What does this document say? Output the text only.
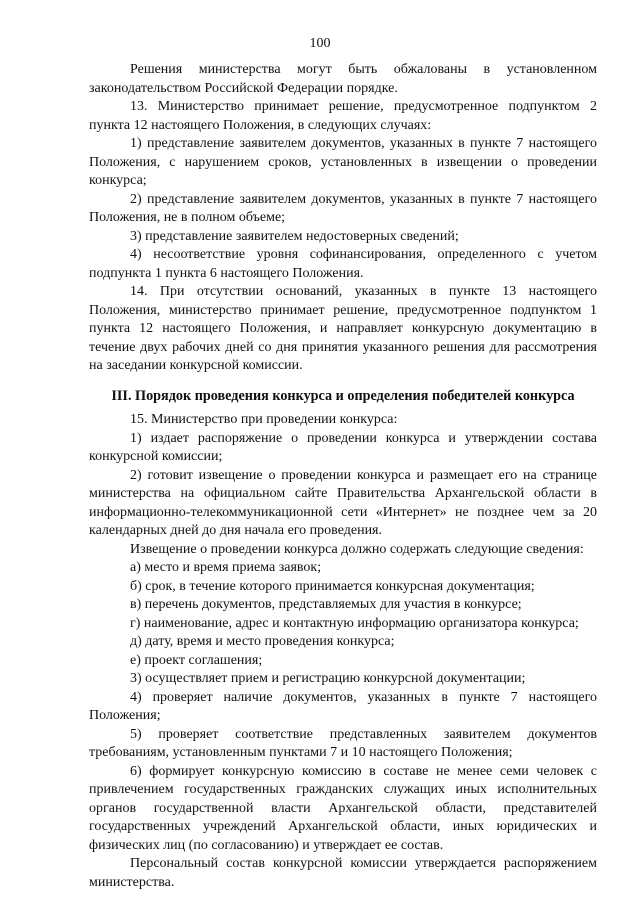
100

Решения министерства могут быть обжалованы в установленном законодательством Российской Федерации порядке.

13. Министерство принимает решение, предусмотренное подпунктом 2 пункта 12 настоящего Положения, в следующих случаях:

1) представление заявителем документов, указанных в пункте 7 настоящего Положения, с нарушением сроков, установленных в извещении о проведении конкурса;

2) представление заявителем документов, указанных в пункте 7 настоящего Положения, не в полном объеме;

3) представление заявителем недостоверных сведений;

4) несоответствие уровня софинансирования, определенного с учетом подпункта 1 пункта 6 настоящего Положения.

14. При отсутствии оснований, указанных в пункте 13 настоящего Положения, министерство принимает решение, предусмотренное подпунктом 1 пункта 12 настоящего Положения, и направляет конкурсную документацию в течение двух рабочих дней со дня принятия указанного решения для рассмотрения на заседании конкурсной комиссии.

III. Порядок проведения конкурса и определения победителей конкурса

15. Министерство при проведении конкурса:

1) издает распоряжение о проведении конкурса и утверждении состава конкурсной комиссии;

2) готовит извещение о проведении конкурса и размещает его на странице министерства на официальном сайте Правительства Архангельской области в информационно-телекоммуникационной сети «Интернет» не позднее чем за 20 календарных дней до дня начала его проведения.

Извещение о проведении конкурса должно содержать следующие сведения:

а) место и время приема заявок;

б) срок, в течение которого принимается конкурсная документация;

в) перечень документов, представляемых для участия в конкурсе;

г) наименование, адрес и контактную информацию организатора конкурса;

д) дату, время и место проведения конкурса;

е) проект соглашения;

3) осуществляет прием и регистрацию конкурсной документации;

4) проверяет наличие документов, указанных в пункте 7 настоящего Положения;

5) проверяет соответствие представленных заявителем документов требованиям, установленным пунктами 7 и 10 настоящего Положения;

6) формирует конкурсную комиссию в составе не менее семи человек с привлечением государственных гражданских служащих иных исполнительных органов государственной власти Архангельской области, представителей государственных учреждений Архангельской области, иных юридических и физических лиц (по согласованию) и утверждает ее состав.

Персональный состав конкурсной комиссии утверждается распоряжением министерства.
